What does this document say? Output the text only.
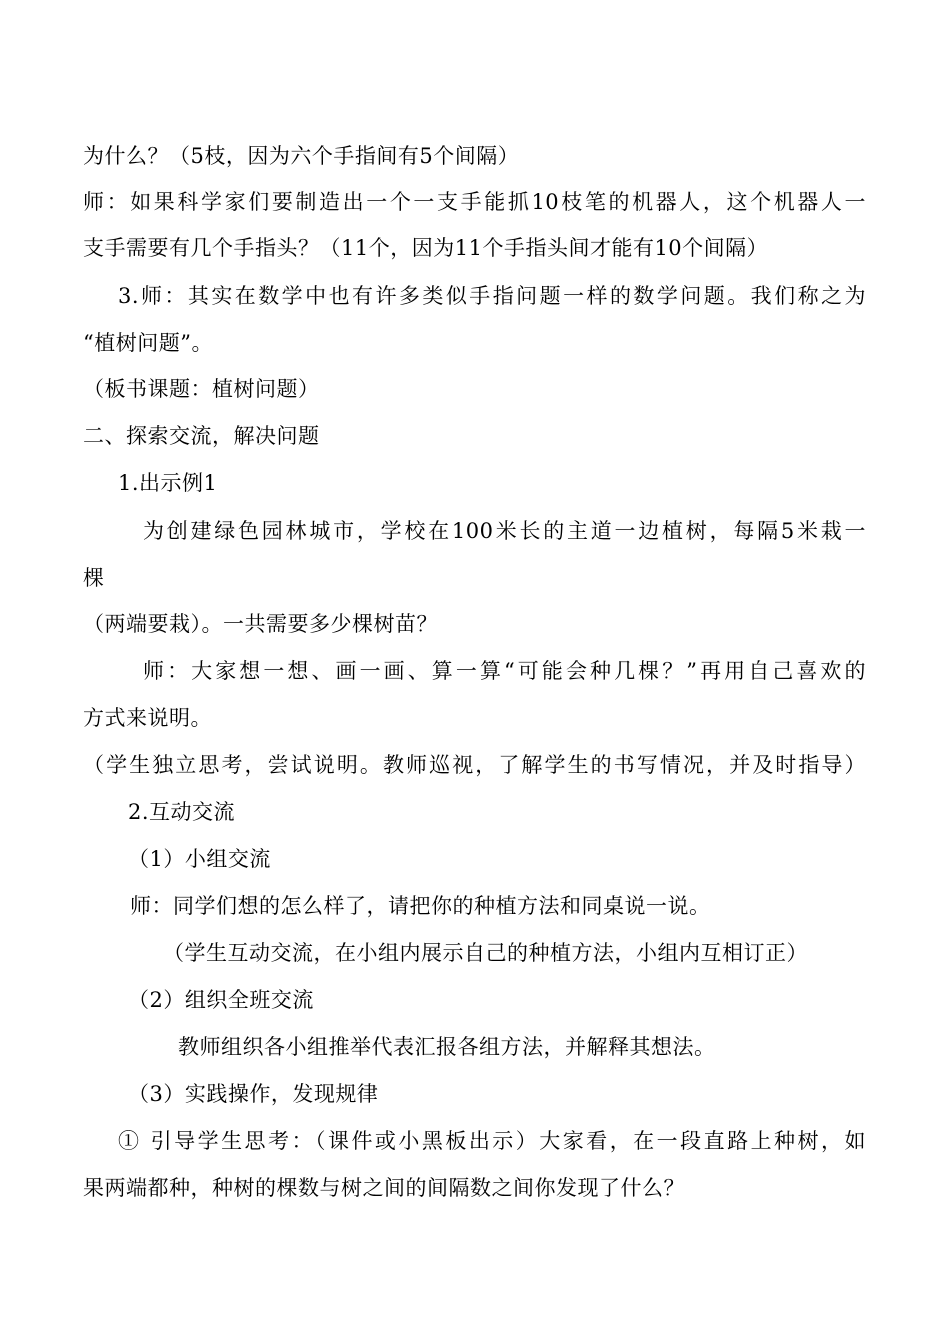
为什么？（5枝，因为六个手指间有5个间隔）
师：如果科学家们要制造出一个一支手能抓10枝笔的机器人，这个机器人一
支手需要有几个手指头？（11个，因为11个手指头间才能有10个间隔）
3.师：其实在数学中也有许多类似手指问题一样的数学问题。我们称之为
“植树问题”。
（板书课题：植树问题）
二、探索交流，解决问题
1.出示例1
为创建绿色园林城市，学校在100米长的主道一边植树，每隔5米栽一
棵
（两端要栽）。一共需要多少棵树苗？
师：大家想一想、画一画、算一算“可能会种几棵？”再用自己喜欢的
方式来说明。
（学生独立思考，尝试说明。教师巡视，了解学生的书写情况，并及时指导）
2.互动交流
（1）小组交流
师：同学们想的怎么样了，请把你的种植方法和同桌说一说。
（学生互动交流，在小组内展示自己的种植方法，小组内互相订正）
（2）组织全班交流
教师组织各小组推举代表汇报各组方法，并解释其想法。
（3）实践操作，发现规律
① 引导学生思考：（课件或小黑板出示）大家看，在一段直路上种树，如
果两端都种，种树的棵数与树之间的间隔数之间你发现了什么？
